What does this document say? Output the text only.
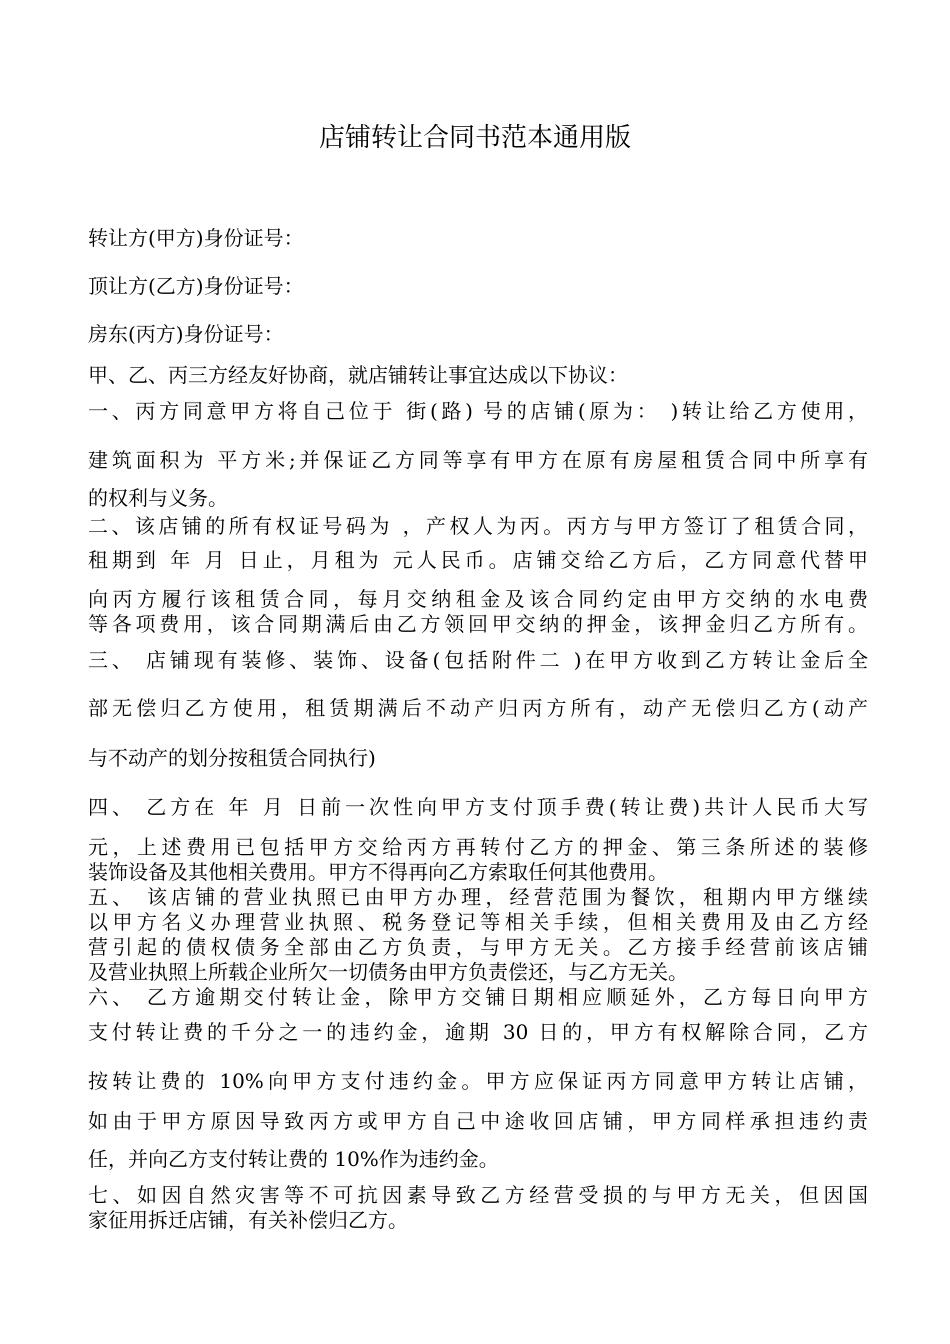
店铺转让合同书范本通用版

转让方(甲方)身份证号：

顶让方(乙方)身份证号：

房东(丙方)身份证号：

甲、乙、丙三方经友好协商，就店铺转让事宜达成以下协议：

一、丙方同意甲方将自己位于 街(路) 号的店铺(原为： )转让给乙方使用，

建筑面积为 平方米;并保证乙方同等享有甲方在原有房屋租赁合同中所享有

的权利与义务。

二、该店铺的所有权证号码为 ，产权人为丙。丙方与甲方签订了租赁合同，

租期到 年 月 日止，月租为 元人民币。店铺交给乙方后，乙方同意代替甲

向丙方履行该租赁合同，每月交纳租金及该合同约定由甲方交纳的水电费

等各项费用，该合同期满后由乙方领回甲交纳的押金，该押金归乙方所有。

三、 店铺现有装修、装饰、设备(包括附件二 )在甲方收到乙方转让金后全

部无偿归乙方使用，租赁期满后不动产归丙方所有，动产无偿归乙方(动产

与不动产的划分按租赁合同执行)

四、 乙方在 年 月 日前一次性向甲方支付顶手费(转让费)共计人民币大写

元，上述费用已包括甲方交给丙方再转付乙方的押金、第三条所述的装修

装饰设备及其他相关费用。甲方不得再向乙方索取任何其他费用。

五、 该店铺的营业执照已由甲方办理，经营范围为餐饮，租期内甲方继续

以甲方名义办理营业执照、税务登记等相关手续，但相关费用及由乙方经

营引起的债权债务全部由乙方负责，与甲方无关。乙方接手经营前该店铺

及营业执照上所载企业所欠一切债务由甲方负责偿还，与乙方无关。

六、 乙方逾期交付转让金，除甲方交铺日期相应顺延外，乙方每日向甲方

支付转让费的千分之一的违约金，逾期 30 日的，甲方有权解除合同，乙方

按转让费的 10%向甲方支付违约金。甲方应保证丙方同意甲方转让店铺，

如由于甲方原因导致丙方或甲方自己中途收回店铺，甲方同样承担违约责

任，并向乙方支付转让费的 10%作为违约金。

七、如因自然灾害等不可抗因素导致乙方经营受损的与甲方无关，但因国

家征用拆迁店铺，有关补偿归乙方。
